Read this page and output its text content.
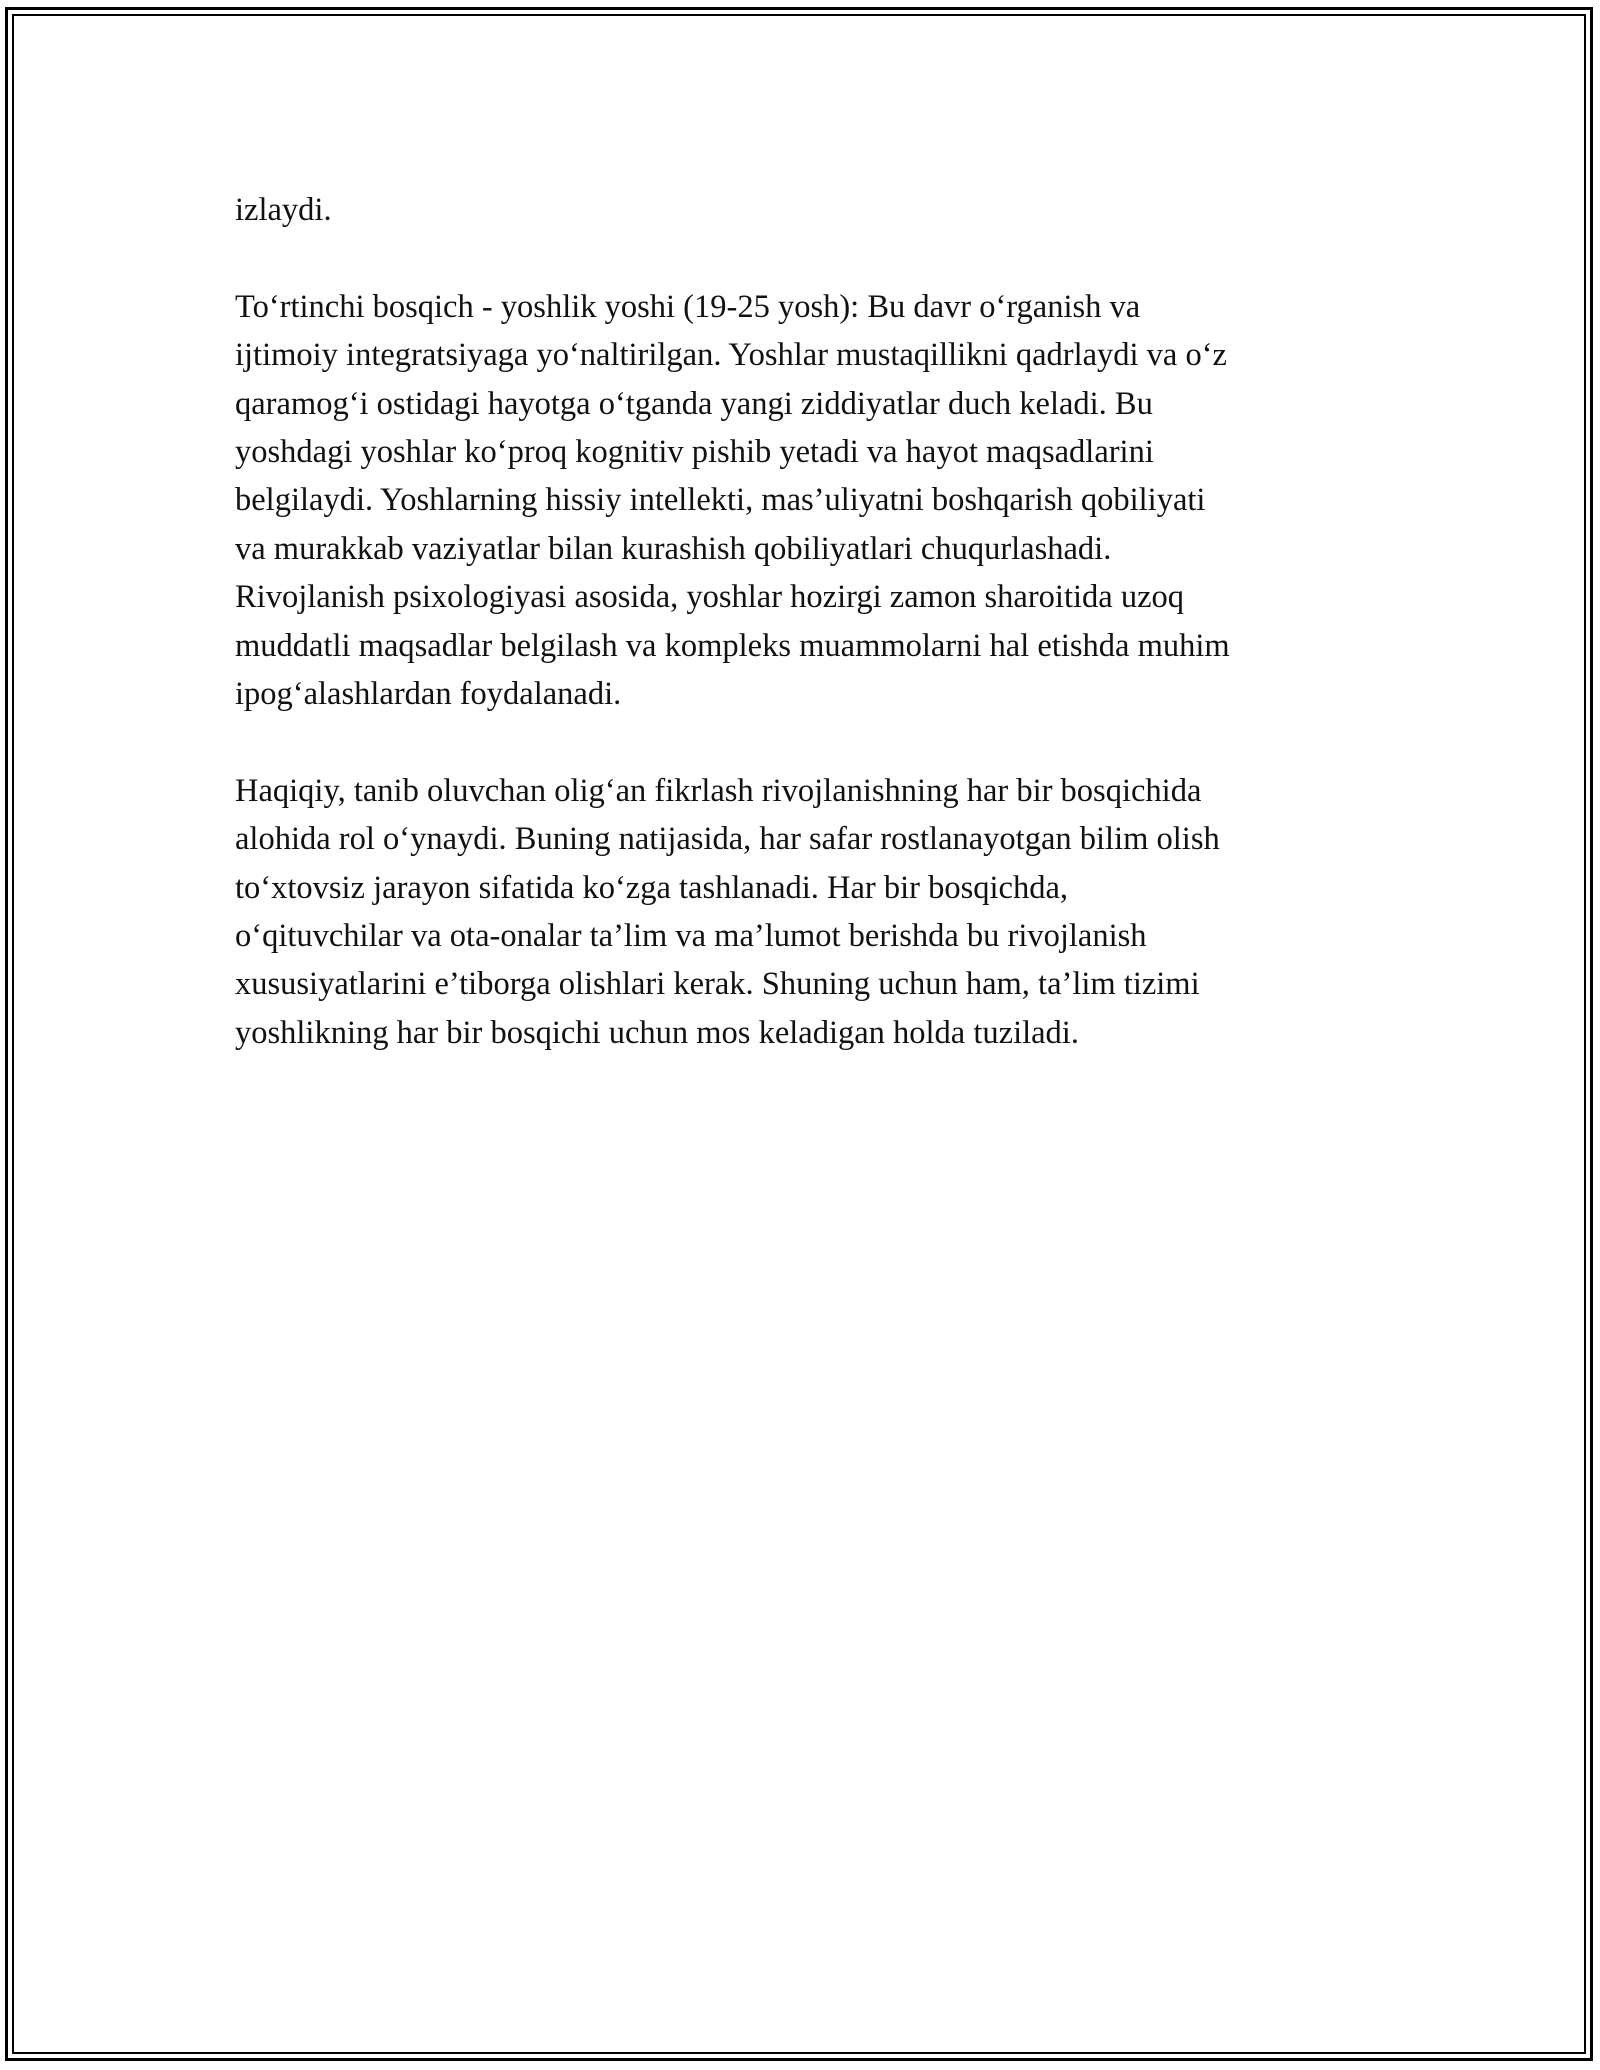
izlaydi.

To‘rtinchi bosqich - yoshlik yoshi (19-25 yosh): Bu davr o‘rganish va
ijtimoiy integratsiyaga yo‘naltirilgan. Yoshlar mustaqillikni qadrlaydi va o‘z
qaramog‘i ostidagi hayotga o‘tganda yangi ziddiyatlar duch keladi. Bu
yoshdagi yoshlar ko‘proq kognitiv pishib yetadi va hayot maqsadlarini
belgilaydi. Yoshlarning hissiy intellekti, mas’uliyatni boshqarish qobiliyati
va murakkab vaziyatlar bilan kurashish qobiliyatlari chuqurlashadi.
Rivojlanish psixologiyasi asosida, yoshlar hozirgi zamon sharoitida uzoq
muddatli maqsadlar belgilash va kompleks muammolarni hal etishda muhim
ipog‘alashlardan foydalanadi.

Haqiqiy, tanib oluvchan olig‘an fikrlash rivojlanishning har bir bosqichida
alohida rol o‘ynaydi. Buning natijasida, har safar rostlanayotgan bilim olish
to‘xtovsiz jarayon sifatida ko‘zga tashlanadi. Har bir bosqichda,
o‘qituvchilar va ota-onalar ta’lim va ma’lumot berishda bu rivojlanish
xususiyatlarini e’tiborga olishlari kerak. Shuning uchun ham, ta’lim tizimi
yoshlikning har bir bosqichi uchun mos keladigan holda tuziladi.
